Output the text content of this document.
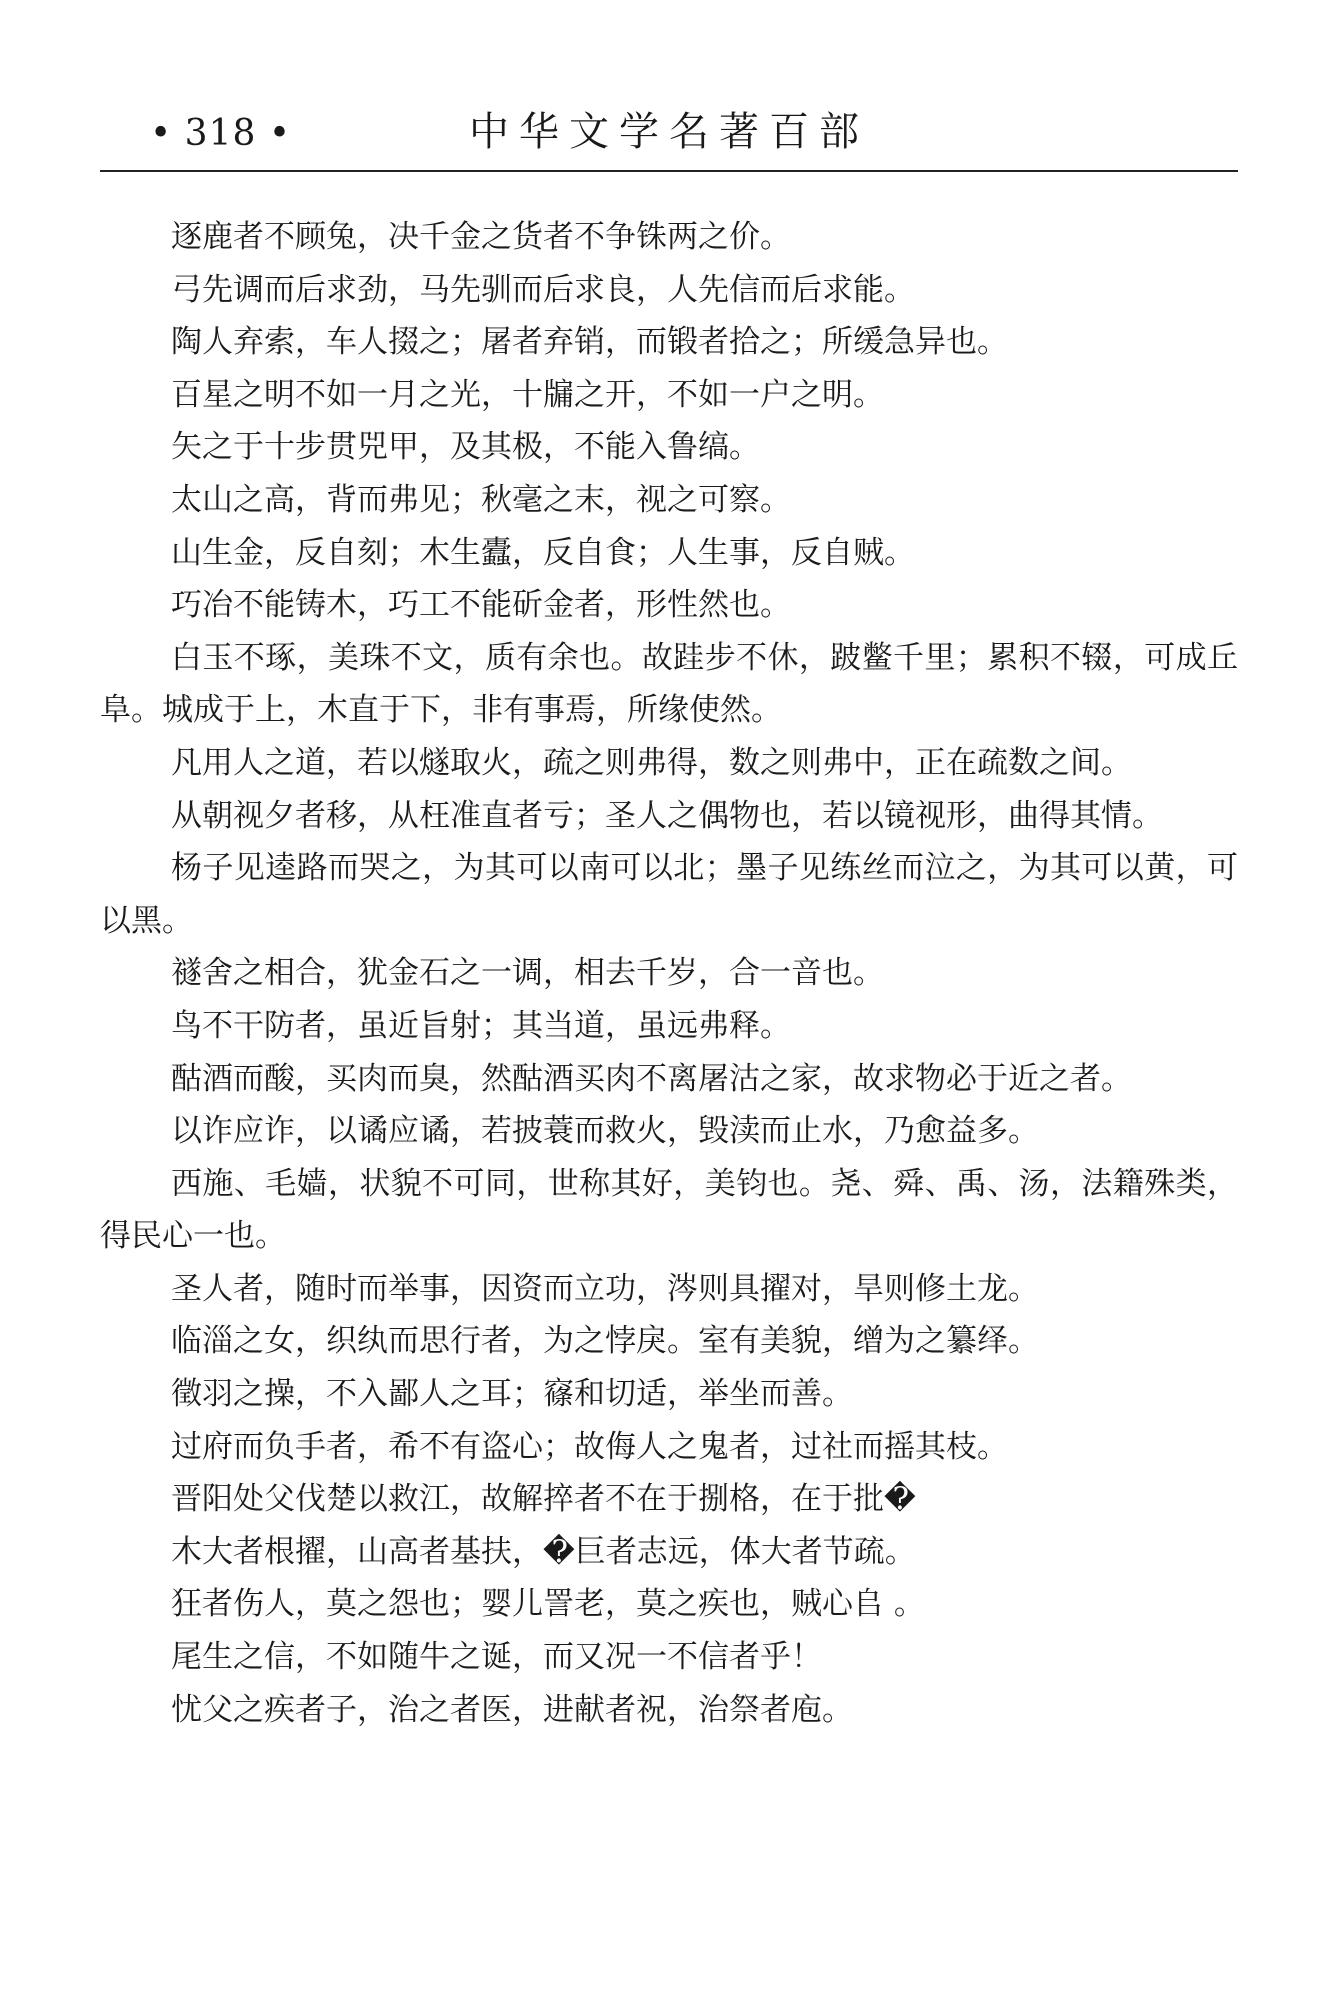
• 318 •	中华文学名著百部

逐鹿者不顾兔，决千金之货者不争铢两之价。

弓先调而后求劲，马先驯而后求良，人先信而后求能。

陶人弃索，车人掇之；屠者弃销，而锻者拾之；所缓急异也。

百星之明不如一月之光，十牖之开，不如一户之明。

矢之于十步贯兕甲，及其极，不能入鲁缟。

太山之高，背而弗见；秋毫之末，视之可察。

山生金，反自刻；木生蠹，反自食；人生事，反自贼。

巧冶不能铸木，巧工不能斫金者，形性然也。

白玉不琢，美珠不文，质有余也。故跬步不休，跛鳖千里；累积不辍，可成丘阜。城成于上，木直于下，非有事焉，所缘使然。

凡用人之道，若以燧取火，疏之则弗得，数之则弗中，正在疏数之间。

从朝视夕者移，从枉准直者亏；圣人之偶物也，若以镜视形，曲得其情。

杨子见逵路而哭之，为其可以南可以北；墨子见练丝而泣之，为其可以黄，可以黑。

禭舍之相合，犹金石之一调，相去千岁，合一音也。

鸟不干防者，虽近旨射；其当道，虽远弗释。

酤酒而酸，买肉而臭，然酤酒买肉不离屠沽之家，故求物必于近之者。

以诈应诈，以谲应谲，若披蓑而救火，毁渎而止水，乃愈益多。

西施、毛嫱，状貌不可同，世称其好，美钧也。尧、舜、禹、汤，法籍殊类，得民心一也。

圣人者，随时而举事，因资而立功，涔则具擢对，旱则修土龙。

临淄之女，织纨而思行者，为之悖戾。室有美貌，缯为之纂绎。

徵羽之操，不入鄙人之耳；窱和切适，举坐而善。

过府而负手者，希不有盗心；故侮人之鬼者，过社而摇其枝。

晋阳处父伐楚以救江，故解捽者不在于捌格，在于批�

木大者根擢，山高者基扶，�巨者志远，体大者节疏。

狂者伤人，莫之怨也；婴儿詈老，莫之疾也，贼心𠂤 。

尾生之信，不如随牛之诞，而又况一不信者乎！

忧父之疾者子，治之者医，进献者祝，治祭者庖。
